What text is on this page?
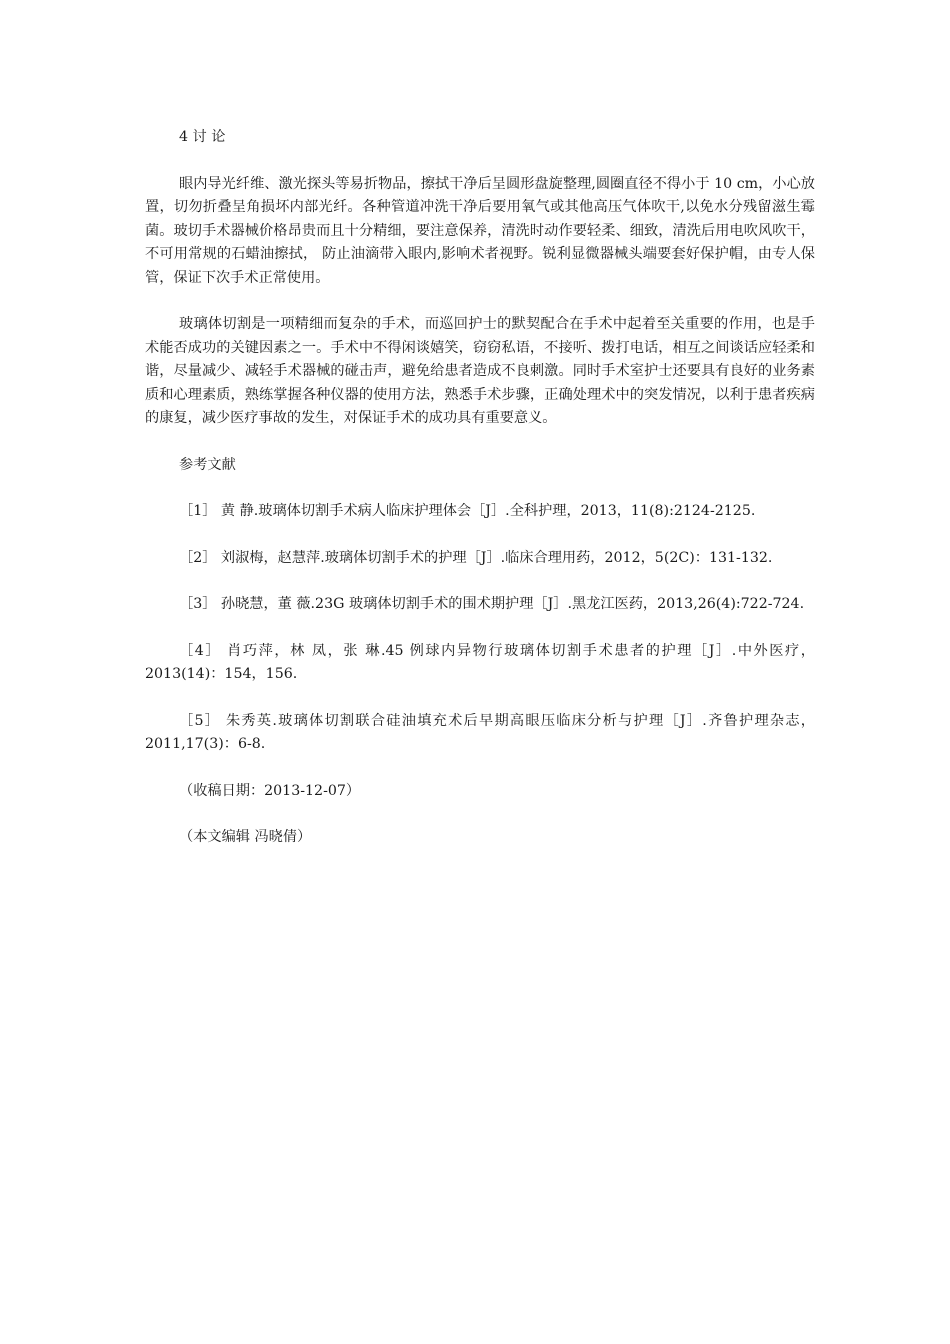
4 讨 论

眼内导光纤维、激光探头等易折物品，擦拭干净后呈圆形盘旋整理,圆圈直径不得小于 10 cm，小心放置，切勿折叠呈角损坏内部光纤。各种管道冲洗干净后要用氧气或其他高压气体吹干,以免水分残留滋生霉菌。玻切手术器械价格昂贵而且十分精细，要注意保养，清洗时动作要轻柔、细致，清洗后用电吹风吹干，不可用常规的石蜡油擦拭， 防止油滴带入眼内,影响术者视野。锐利显微器械头端要套好保护帽，由专人保管，保证下次手术正常使用。

玻璃体切割是一项精细而复杂的手术，而巡回护士的默契配合在手术中起着至关重要的作用，也是手术能否成功的关键因素之一。手术中不得闲谈嬉笑，窃窃私语，不接听、拨打电话，相互之间谈话应轻柔和谐，尽量减少、减轻手术器械的碰击声，避免给患者造成不良刺激。同时手术室护士还要具有良好的业务素质和心理素质，熟练掌握各种仪器的使用方法，熟悉手术步骤，正确处理术中的突发情况，以利于患者疾病的康复，减少医疗事故的发生，对保证手术的成功具有重要意义。

参考文献

［1］ 黄 静.玻璃体切割手术病人临床护理体会［J］.全科护理，2013，11(8):2124-2125.

［2］ 刘淑梅，赵慧萍.玻璃体切割手术的护理［J］.临床合理用药，2012，5(2C)：131-132.

［3］ 孙晓慧，董 薇.23G 玻璃体切割手术的围术期护理［J］.黑龙江医药，2013,26(4):722-724.

［4］ 肖巧萍，林 凤，张 琳.45 例球内异物行玻璃体切割手术患者的护理［J］.中外医疗，2013(14)：154，156.

［5］ 朱秀英.玻璃体切割联合硅油填充术后早期高眼压临床分析与护理［J］.齐鲁护理杂志，2011,17(3)：6-8.

（收稿日期：2013-12-07）

（本文编辑 冯晓倩）
